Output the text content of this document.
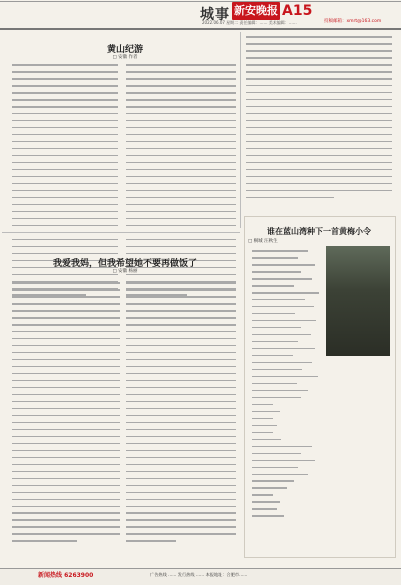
城事 新安晚报 A15
2022.06.07 星期二 责任编辑：…… 美术编辑：……	投稿邮箱：xmrt@163.com
黄山纪游
□ 安徽 作者
谁在蓝山湾种下一首黄梅小令
□ 桐城 汪秋生
我爱我妈，但我希望她不要再做饭了
□ 安徽 杨丽
新闻热线 6263900	广告热线 …… 发行热线 …… 本报地址：合肥市……
